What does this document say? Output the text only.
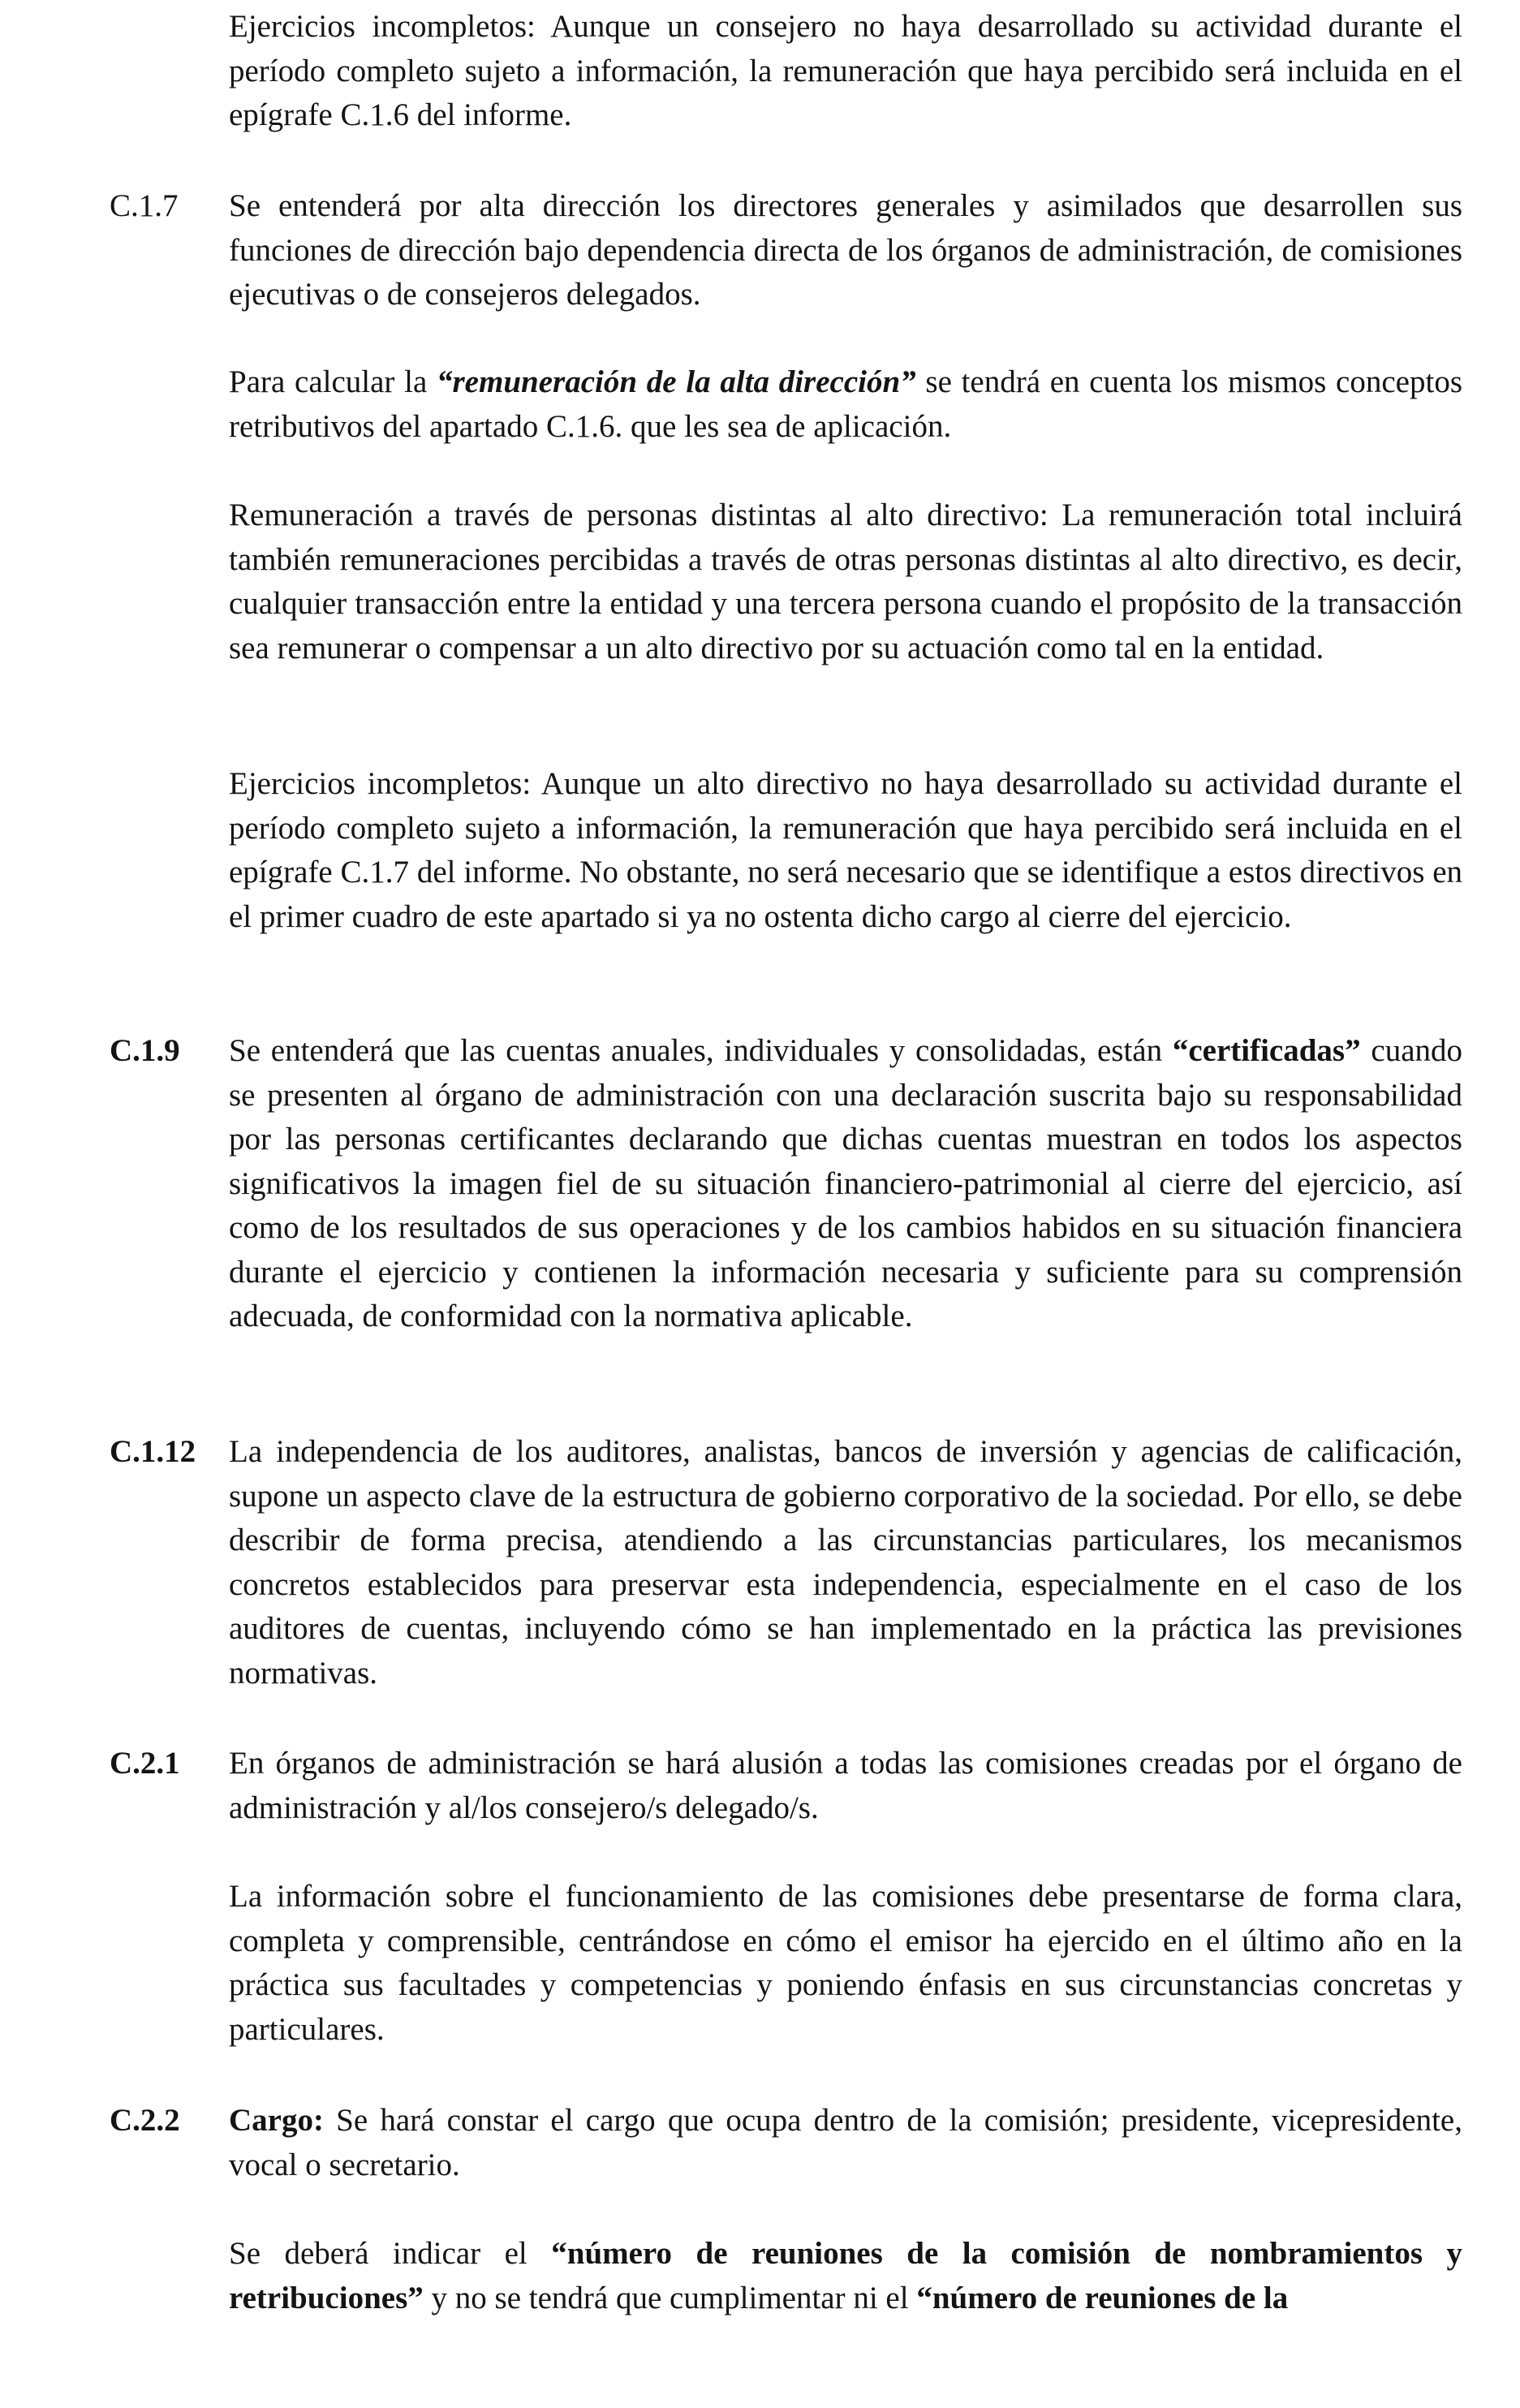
Ejercicios incompletos: Aunque un consejero no haya desarrollado su actividad durante el período completo sujeto a información, la remuneración que haya percibido será incluida en el epígrafe C.1.6 del informe.

C.1.7 Se entenderá por alta dirección los directores generales y asimilados que desarrollen sus funciones de dirección bajo dependencia directa de los órganos de administración, de comisiones ejecutivas o de consejeros delegados.

Para calcular la “remuneración de la alta dirección” se tendrá en cuenta los mismos conceptos retributivos del apartado C.1.6. que les sea de aplicación.

Remuneración a través de personas distintas al alto directivo: La remuneración total incluirá también remuneraciones percibidas a través de otras personas distintas al alto directivo, es decir, cualquier transacción entre la entidad y una tercera persona cuando el propósito de la transacción sea remunerar o compensar a un alto directivo por su actuación como tal en la entidad.

Ejercicios incompletos: Aunque un alto directivo no haya desarrollado su actividad durante el período completo sujeto a información, la remuneración que haya percibido será incluida en el epígrafe C.1.7 del informe. No obstante, no será necesario que se identifique a estos directivos en el primer cuadro de este apartado si ya no ostenta dicho cargo al cierre del ejercicio.

C.1.9 Se entenderá que las cuentas anuales, individuales y consolidadas, están “certificadas” cuando se presenten al órgano de administración con una declaración suscrita bajo su responsabilidad por las personas certificantes declarando que dichas cuentas muestran en todos los aspectos significativos la imagen fiel de su situación financiero-patrimonial al cierre del ejercicio, así como de los resultados de sus operaciones y de los cambios habidos en su situación financiera durante el ejercicio y contienen la información necesaria y suficiente para su comprensión adecuada, de conformidad con la normativa aplicable.

C.1.12 La independencia de los auditores, analistas, bancos de inversión y agencias de calificación, supone un aspecto clave de la estructura de gobierno corporativo de la sociedad. Por ello, se debe describir de forma precisa, atendiendo a las circunstancias particulares, los mecanismos concretos establecidos para preservar esta independencia, especialmente en el caso de los auditores de cuentas, incluyendo cómo se han implementado en la práctica las previsiones normativas.

C.2.1 En órganos de administración se hará alusión a todas las comisiones creadas por el órgano de administración y al/los consejero/s delegado/s.

La información sobre el funcionamiento de las comisiones debe presentarse de forma clara, completa y comprensible, centrándose en cómo el emisor ha ejercido en el último año en la práctica sus facultades y competencias y poniendo énfasis en sus circunstancias concretas y particulares.

C.2.2 Cargo: Se hará constar el cargo que ocupa dentro de la comisión; presidente, vicepresidente, vocal o secretario.

Se deberá indicar el “número de reuniones de la comisión de nombramientos y retribuciones” y no se tendrá que cumplimentar ni el “número de reuniones de la
